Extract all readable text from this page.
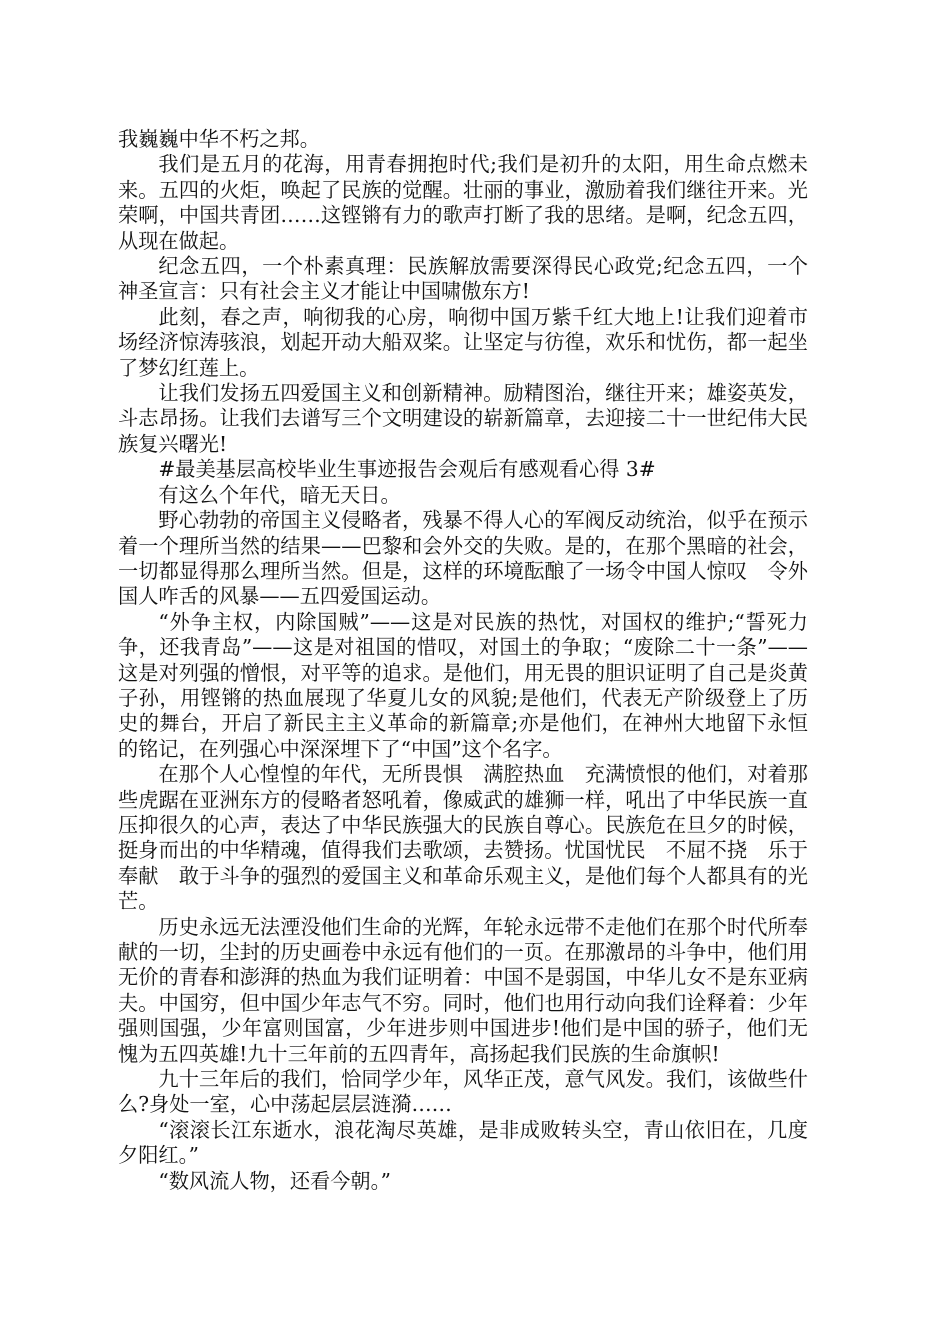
我巍巍中华不朽之邦。

我们是五月的花海，用青春拥抱时代;我们是初升的太阳，用生命点燃未来。五四的火炬，唤起了民族的觉醒。壮丽的事业，激励着我们继往开来。光荣啊，中国共青团……这铿锵有力的歌声打断了我的思绪。是啊，纪念五四，从现在做起。

纪念五四，一个朴素真理：民族解放需要深得民心政党;纪念五四，一个神圣宣言：只有社会主义才能让中国啸傲东方!

此刻，春之声，响彻我的心房，响彻中国万紫千红大地上!让我们迎着市场经济惊涛骇浪，划起开动大船双桨。让坚定与彷徨，欢乐和忧伤，都一起坐了梦幻红莲上。

让我们发扬五四爱国主义和创新精神。励精图治，继往开来；雄姿英发，斗志昂扬。让我们去谱写三个文明建设的崭新篇章，去迎接二十一世纪伟大民族复兴曙光!

#最美基层高校毕业生事迹报告会观后有感观看心得 3#

有这么个年代，暗无天日。

野心勃勃的帝国主义侵略者，残暴不得人心的军阀反动统治，似乎在预示着一个理所当然的结果——巴黎和会外交的失败。是的，在那个黑暗的社会，一切都显得那么理所当然。但是，这样的环境酝酿了一场令中国人惊叹　令外国人咋舌的风暴——五四爱国运动。

“外争主权，内除国贼”——这是对民族的热忱，对国权的维护;“誓死力争，还我青岛”——这是对祖国的惜叹，对国土的争取；“废除二十一条”——这是对列强的憎恨，对平等的追求。是他们，用无畏的胆识证明了自己是炎黄子孙，用铿锵的热血展现了华夏儿女的风貌;是他们，代表无产阶级登上了历史的舞台，开启了新民主主义革命的新篇章;亦是他们，在神州大地留下永恒的铭记，在列强心中深深埋下了“中国”这个名字。

在那个人心惶惶的年代，无所畏惧　满腔热血　充满愤恨的他们，对着那些虎踞在亚洲东方的侵略者怒吼着，像威武的雄狮一样，吼出了中华民族一直压抑很久的心声，表达了中华民族强大的民族自尊心。民族危在旦夕的时候，挺身而出的中华精魂，值得我们去歌颂，去赞扬。忧国忧民　不屈不挠　乐于奉献　敢于斗争的强烈的爱国主义和革命乐观主义，是他们每个人都具有的光芒。

历史永远无法湮没他们生命的光辉，年轮永远带不走他们在那个时代所奉献的一切，尘封的历史画卷中永远有他们的一页。在那激昂的斗争中，他们用无价的青春和澎湃的热血为我们证明着：中国不是弱国，中华儿女不是东亚病夫。中国穷，但中国少年志气不穷。同时，他们也用行动向我们诠释着：少年强则国强，少年富则国富，少年进步则中国进步!他们是中国的骄子，他们无愧为五四英雄!九十三年前的五四青年，高扬起我们民族的生命旗帜!

九十三年后的我们，恰同学少年，风华正茂，意气风发。我们，该做些什么?身处一室，心中荡起层层涟漪……

“滚滚长江东逝水，浪花淘尽英雄，是非成败转头空，青山依旧在，几度夕阳红。”

“数风流人物，还看今朝。”
